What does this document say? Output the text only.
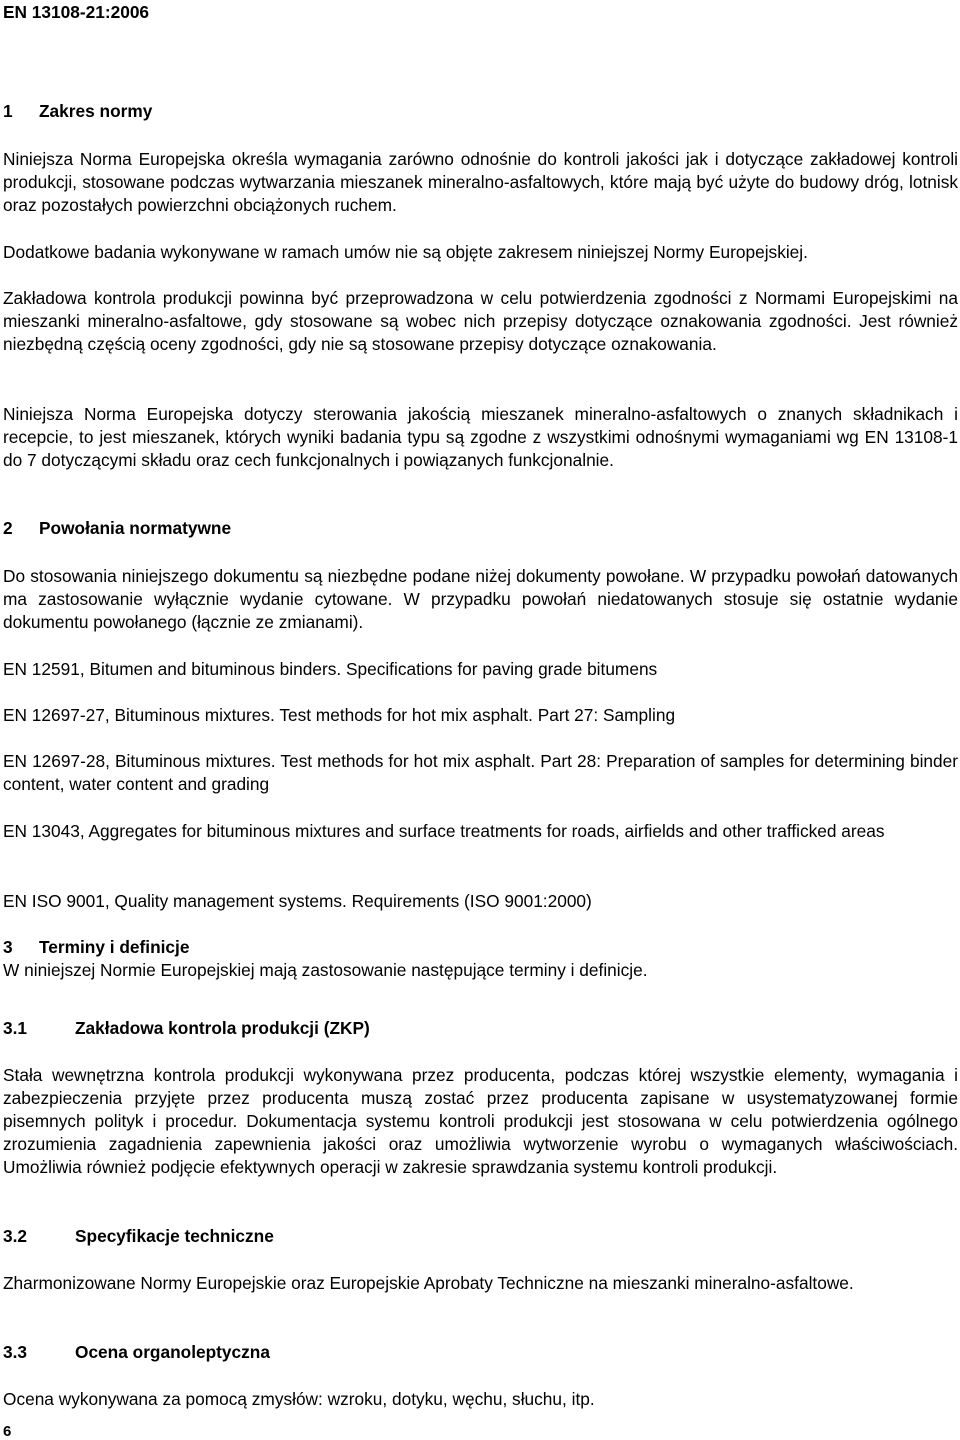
EN 13108-21:2006
1 Zakres normy
Niniejsza Norma Europejska określa wymagania zarówno odnośnie do kontroli jakości jak i dotyczące zakładowej kontroli produkcji, stosowane podczas wytwarzania mieszanek mineralno-asfaltowych, które mają być użyte do budowy dróg, lotnisk oraz pozostałych powierzchni obciążonych ruchem.
Dodatkowe badania wykonywane w ramach umów nie są objęte zakresem niniejszej Normy Europejskiej.
Zakładowa kontrola produkcji powinna być przeprowadzona w celu potwierdzenia zgodności z Normami Europejskimi na mieszanki mineralno-asfaltowe, gdy stosowane są wobec nich przepisy dotyczące oznakowania zgodności. Jest również niezbędną częścią oceny zgodności, gdy nie są stosowane przepisy dotyczące oznakowania.
Niniejsza Norma Europejska dotyczy sterowania jakością mieszanek mineralno-asfaltowych o znanych składnikach i recepcie, to jest mieszanek, których wyniki badania typu są zgodne z wszystkimi odnośnymi wymaganiami wg EN 13108-1 do 7 dotyczącymi składu oraz cech funkcjonalnych i powiązanych funkcjonalnie.
2 Powołania normatywne
Do stosowania niniejszego dokumentu są niezbędne podane niżej dokumenty powołane. W przypadku powołań datowanych ma zastosowanie wyłącznie wydanie cytowane. W przypadku powołań niedatowanych stosuje się ostatnie wydanie dokumentu powołanego (łącznie ze zmianami).
EN 12591, Bitumen and bituminous binders. Specifications for paving grade bitumens
EN 12697-27, Bituminous mixtures. Test methods for hot mix asphalt. Part 27: Sampling
EN 12697-28, Bituminous mixtures. Test methods for hot mix asphalt. Part 28: Preparation of samples for determining binder content, water content and grading
EN 13043, Aggregates for bituminous mixtures and surface treatments for roads, airfields and other trafficked areas
EN ISO 9001, Quality management systems. Requirements (ISO 9001:2000)
3 Terminy i definicje
W niniejszej Normie Europejskiej mają zastosowanie następujące terminy i definicje.
3.1	Zakładowa kontrola produkcji (ZKP)
Stała wewnętrzna kontrola produkcji wykonywana przez producenta, podczas której wszystkie elementy, wymagania i zabezpieczenia przyjęte przez producenta muszą zostać przez producenta zapisane w usystematyzowanej formie pisemnych polityk i procedur. Dokumentacja systemu kontroli produkcji jest stosowana w celu potwierdzenia ogólnego zrozumienia zagadnienia zapewnienia jakości oraz umożliwia wytworzenie wyrobu o wymaganych właściwościach. Umożliwia również podjęcie efektywnych operacji w zakresie sprawdzania systemu kontroli produkcji.
3.2	Specyfikacje techniczne
Zharmonizowane Normy Europejskie oraz Europejskie Aprobaty Techniczne na mieszanki mineralno-asfaltowe.
3.3	Ocena organoleptyczna
Ocena wykonywana za pomocą zmysłów: wzroku, dotyku, węchu, słuchu, itp.
6
